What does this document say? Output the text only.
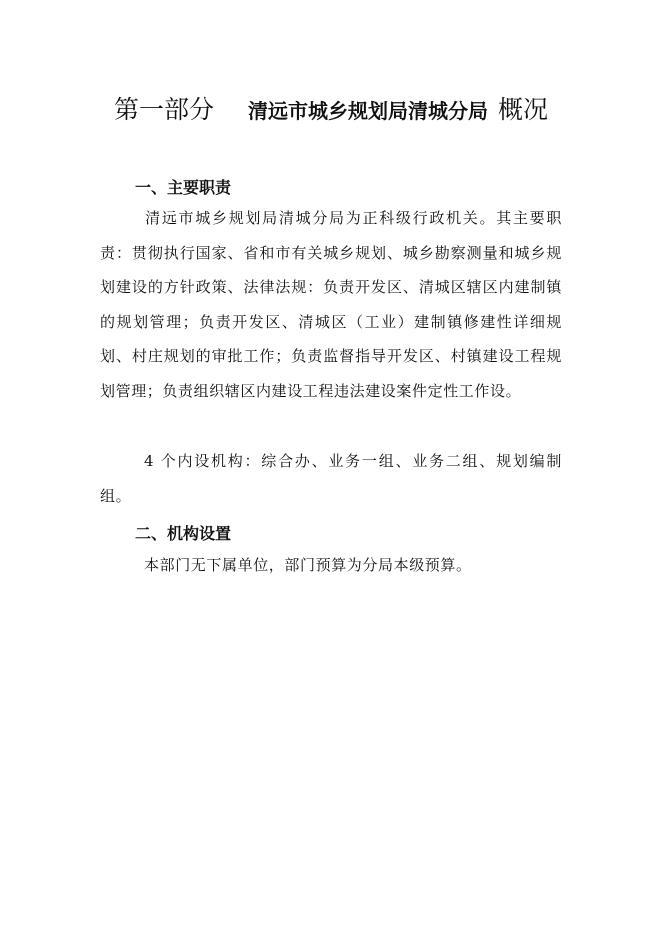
第一部分 清远市城乡规划局清城分局 概况
一、主要职责
清远市城乡规划局清城分局为正科级行政机关。其主要职责：贯彻执行国家、省和市有关城乡规划、城乡勘察测量和城乡规划建设的方针政策、法律法规：负责开发区、清城区辖区内建制镇的规划管理；负责开发区、清城区（工业）建制镇修建性详细规划、村庄规划的审批工作；负责监督指导开发区、村镇建设工程规划管理；负责组织辖区内建设工程违法建设案件定性工作设。
4 个内设机构：综合办、业务一组、业务二组、规划编制组。
二、机构设置
本部门无下属单位，部门预算为分局本级预算。
